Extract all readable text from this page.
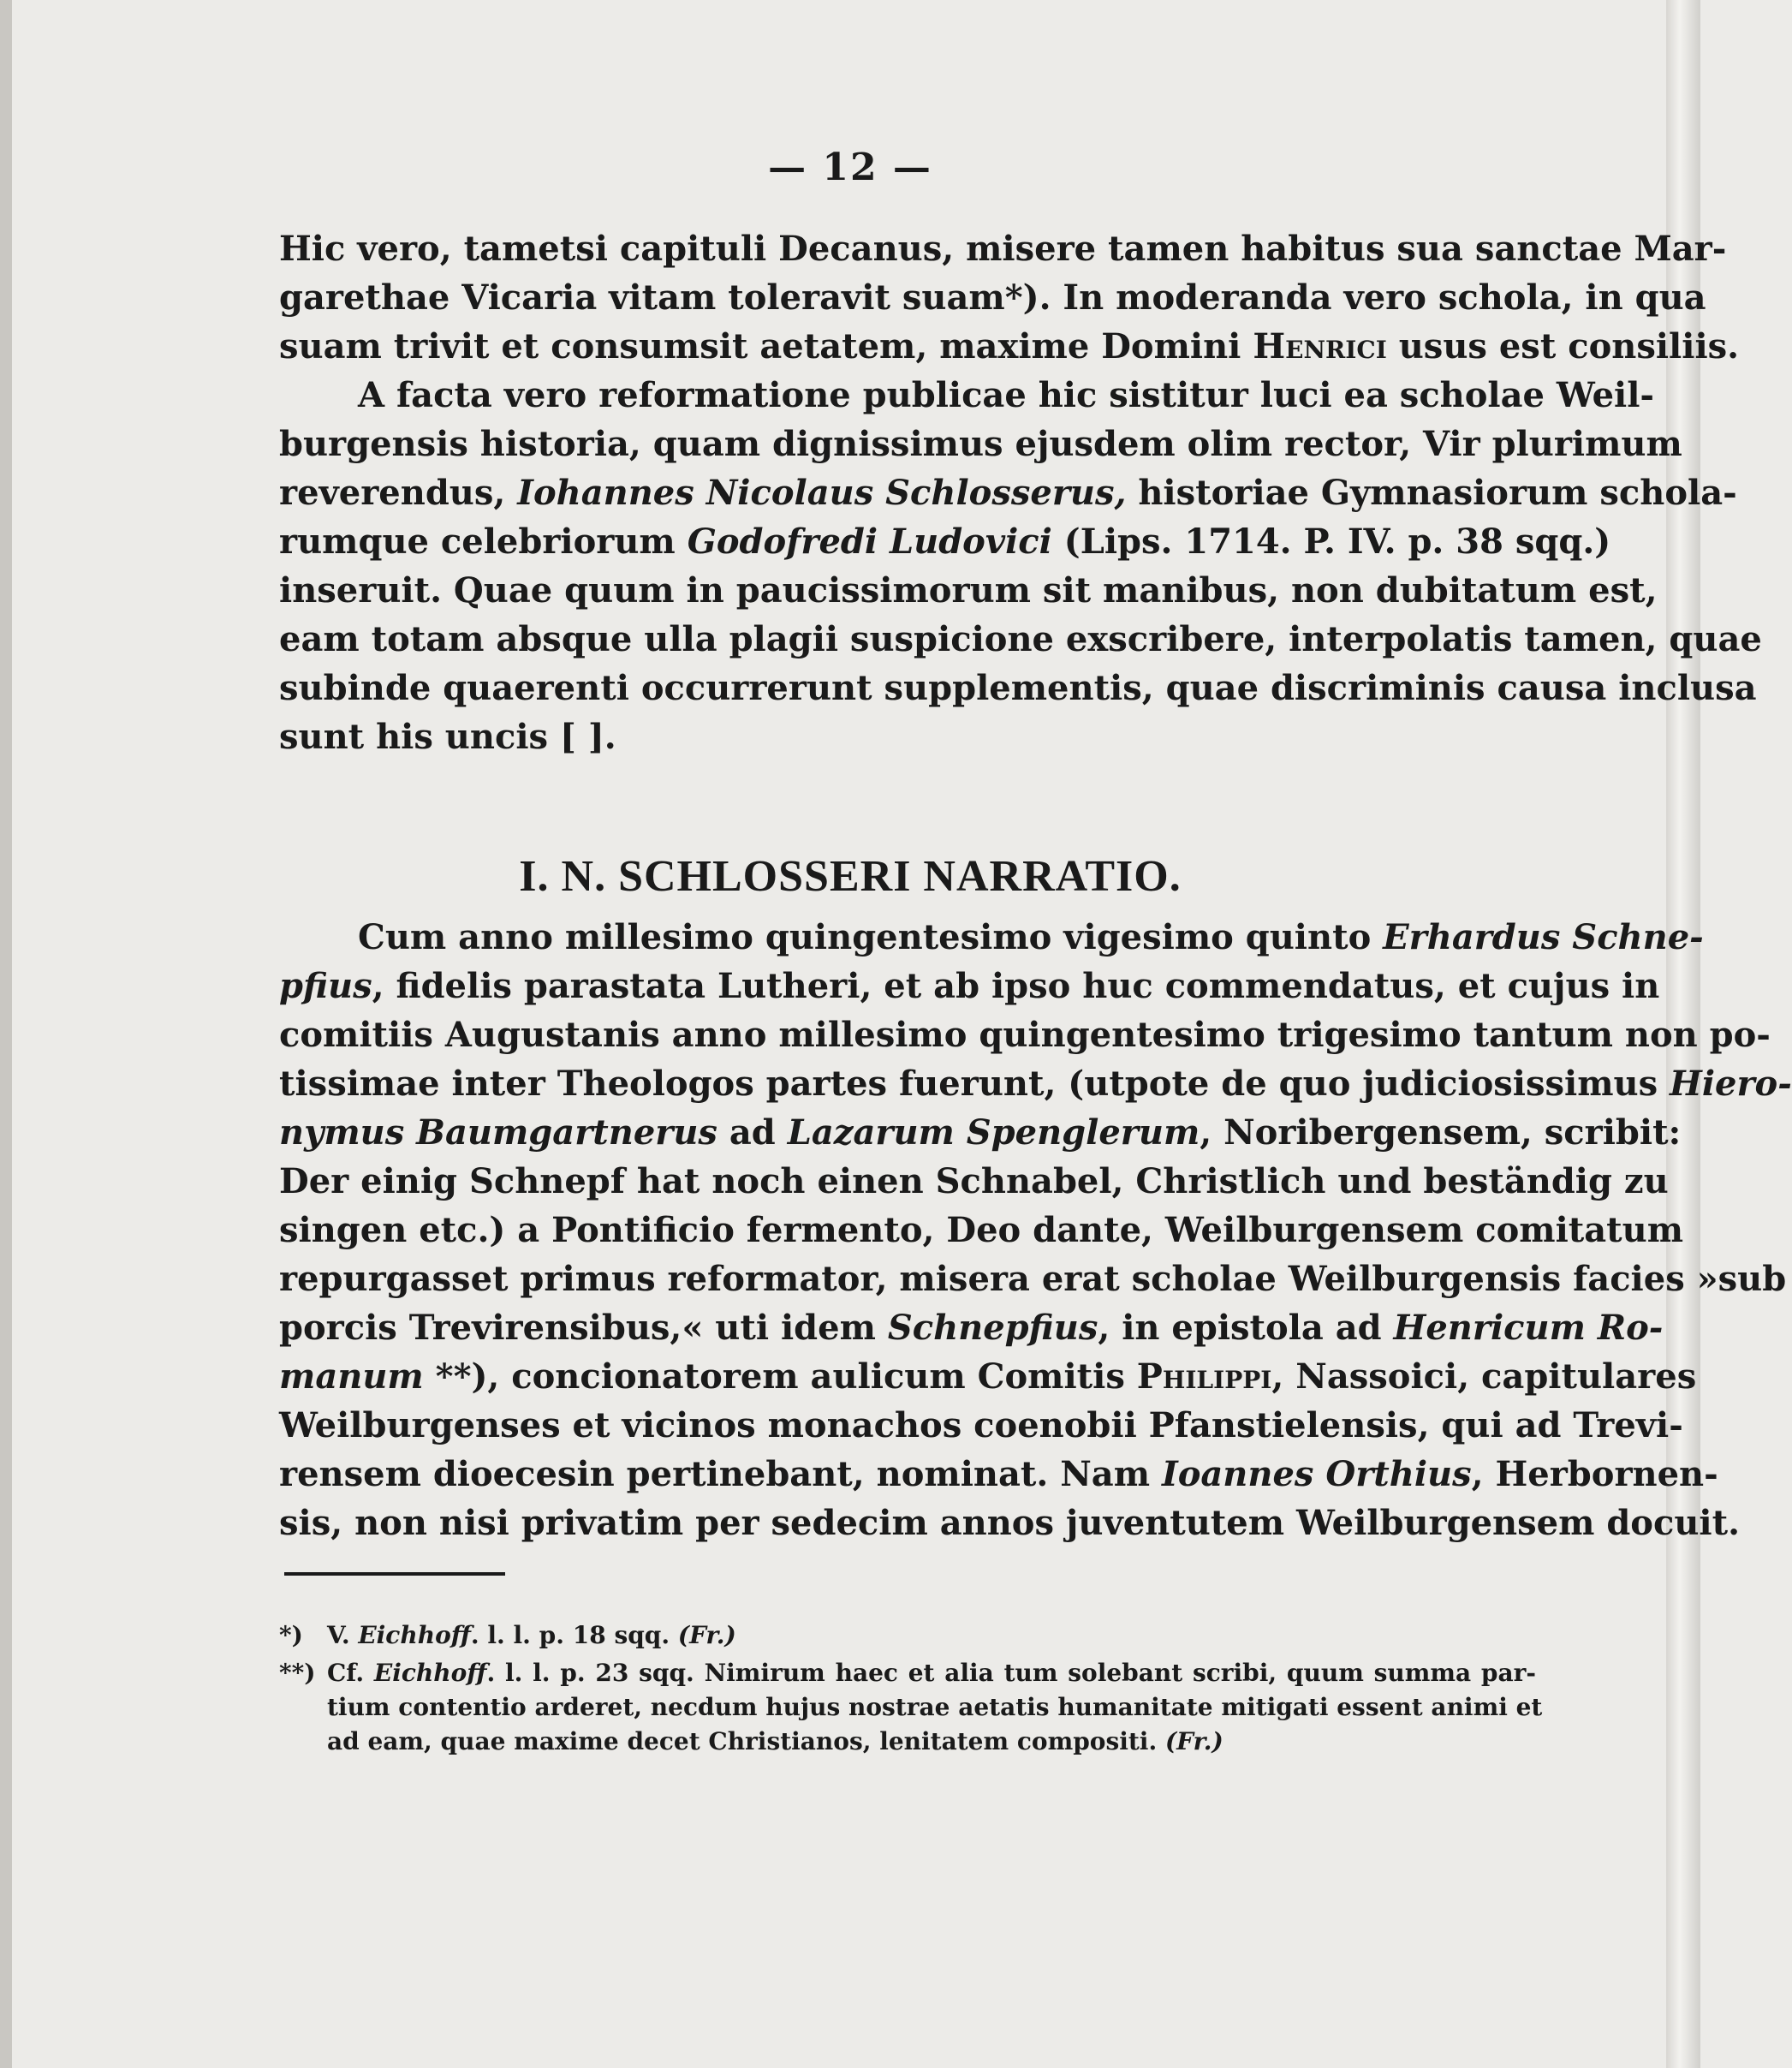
— 12 —
Hic vero, tametsi capituli Decanus, misere tamen habitus sua sanctae Mar-
garethae Vicaria vitam toleravit suam*). In moderanda vero schola, in qua
suam trivit et consumsit aetatem, maxime Domini Henrici usus est consiliis.
A facta vero reformatione publicae hic sistitur luci ea scholae Weil-
burgensis historia, quam dignissimus ejusdem olim rector, Vir plurimum
reverendus, Iohannes Nicolaus Schlosserus, historiae Gymnasiorum schola-
rumque celebriorum Godofredi Ludovici (Lips. 1714. P. IV. p. 38 sqq.)
inseruit. Quae quum in paucissimorum sit manibus, non dubitatum est,
eam totam absque ulla plagii suspicione exscribere, interpolatis tamen, quae
subinde quaerenti occurrerunt supplementis, quae discriminis causa inclusa
sunt his uncis [ ].
I. N. SCHLOSSERI NARRATIO.
Cum anno millesimo quingentesimo vigesimo quinto Erhardus Schne-
pfius, fidelis parastata Lutheri, et ab ipso huc commendatus, et cujus in
comitiis Augustanis anno millesimo quingentesimo trigesimo tantum non po-
tissimae inter Theologos partes fuerunt, (utpote de quo judiciosissimus Hiero-
nymus Baumgartnerus ad Lazarum Spenglerum, Noribergensem, scribit:
Der einig Schnepf hat noch einen Schnabel, Christlich und beständig zu
singen etc.) a Pontificio fermento, Deo dante, Weilburgensem comitatum
repurgasset primus reformator, misera erat scholae Weilburgensis facies »sub
porcis Trevirensibus,« uti idem Schnepfius, in epistola ad Henricum Ro-
manum **), concionatorem aulicum Comitis Philippi, Nassoici, capitulares
Weilburgenses et vicinos monachos coenobii Pfanstielensis, qui ad Trevi-
rensem dioecesin pertinebant, nominat. Nam Ioannes Orthius, Herbornen-
sis, non nisi privatim per sedecim annos juventutem Weilburgensem docuit.
*) V. Eichhoff. l. l. p. 18 sqq. (Fr.)
**) Cf. Eichhoff. l. l. p. 23 sqq. Nimirum haec et alia tum solebant scribi, quum summa par-
tium contentio arderet, necdum hujus nostrae aetatis humanitate mitigati essent animi et
ad eam, quae maxime decet Christianos, lenitatem compositi. (Fr.)
